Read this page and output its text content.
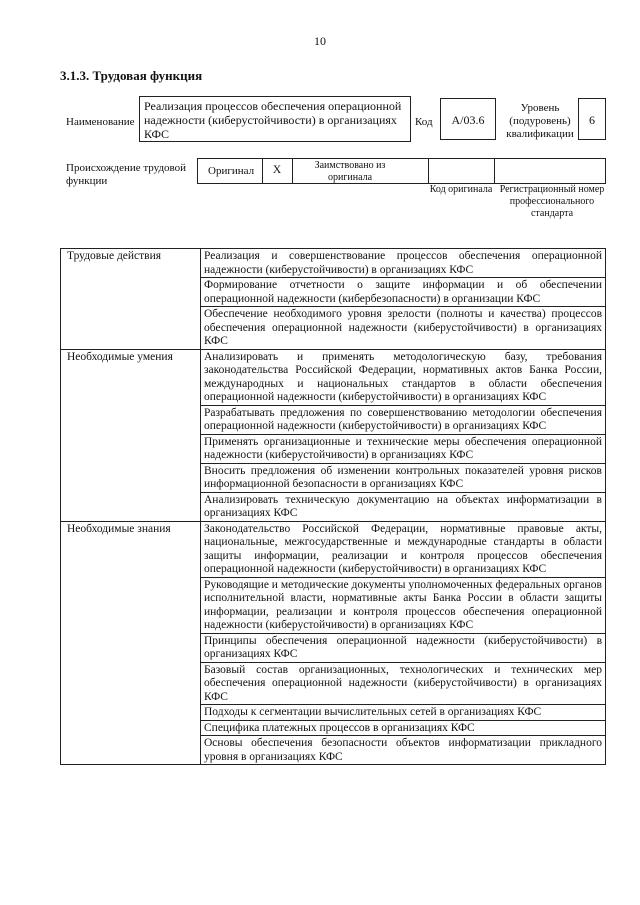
10
3.1.3. Трудовая функция
Наименование
Реализация процессов обеспечения операционной надежности (киберустойчивости) в организациях КФС
Код	А/03.6
Уровень (подуровень) квалификации
6
Происхождение трудовой функции
Оригинал	Х	Заимствовано из оригинала
Код оригинала Регистрационный номер профессионального стандарта
Трудовые действия	Реализация и совершенствование процессов обеспечения операционной надежности (киберустойчивости) в организациях КФС
	Формирование отчетности о защите информации и об обеспечении операционной надежности (кибербезопасности) в организации КФС
	Обеспечение необходимого уровня зрелости (полноты и качества) процессов обеспечения операционной надежности (киберустойчивости) в организациях КФС
Необходимые умения	Анализировать и применять методологическую базу, требования законодательства Российской Федерации, нормативных актов Банка России, международных и национальных стандартов в области обеспечения операционной надежности (киберустойчивости) в организациях КФС
	Разрабатывать предложения по совершенствованию методологии обеспечения операционной надежности (киберустойчивости) в организациях КФС
	Применять организационные и технические меры обеспечения операционной надежности (киберустойчивости) в организациях КФС
	Вносить предложения об изменении контрольных показателей уровня рисков информационной безопасности в организациях КФС
	Анализировать техническую документацию на объектах информатизации в организациях КФС
Необходимые знания	Законодательство Российской Федерации, нормативные правовые акты, национальные, межгосударственные и международные стандарты в области защиты информации, реализации и контроля процессов обеспечения операционной надежности (киберустойчивости) в организациях КФС
	Руководящие и методические документы уполномоченных федеральных органов исполнительной власти, нормативные акты Банка России в области защиты информации, реализации и контроля процессов обеспечения операционной надежности (киберустойчивости) в организациях КФС
	Принципы обеспечения операционной надежности (киберустойчивости) в организациях КФС
	Базовый состав организационных, технологических и технических мер обеспечения операционной надежности (киберустойчивости) в организациях КФС
	Подходы к сегментации вычислительных сетей в организациях КФС
	Специфика платежных процессов в организациях КФС
	Основы обеспечения безопасности объектов информатизации прикладного уровня в организациях КФС
